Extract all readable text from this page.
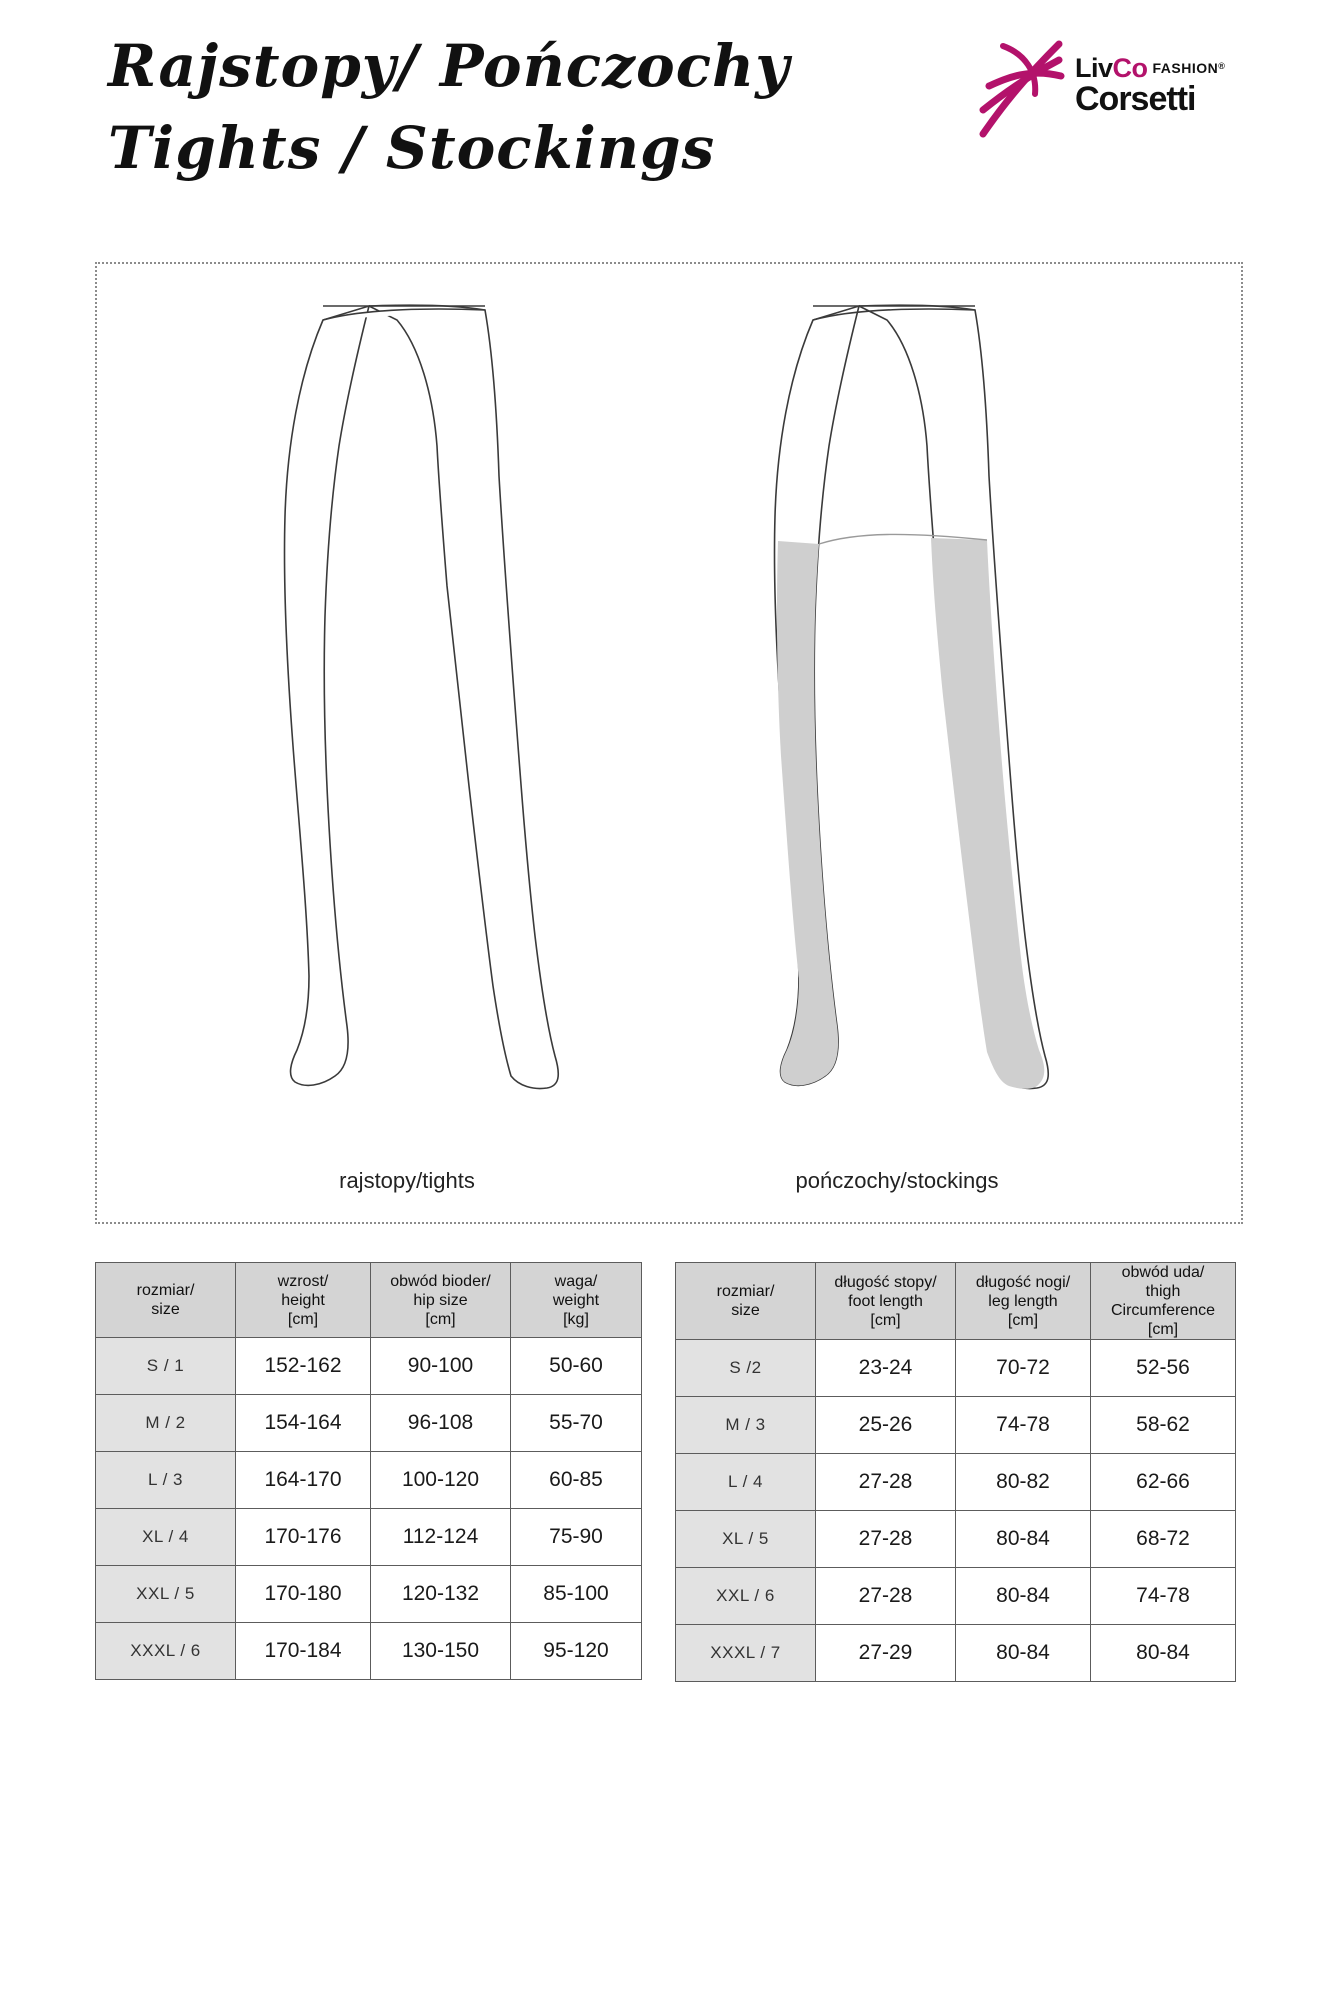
Rajstopy/ Pończochy
Tights / Stockings
LivCo FASHION®
Corsetti
rajstopy/tights	pończochy/stockings
rozmiar/
size	wzrost/
height
[cm]	obwód bioder/
hip size
[cm]	waga/
weight
[kg]

S / 1	152-162	90-100	50-60
M / 2	154-164	96-108	55-70
L / 3	164-170	100-120	60-85
XL / 4	170-176	112-124	75-90
XXL / 5	170-180	120-132	85-100
XXXL / 6	170-184	130-150	95-120
rozmiar/
size	długość stopy/
foot length
[cm]	długość nogi/
leg length
[cm]	obwód uda/
thigh
Circumference
[cm]

S /2	23-24	70-72	52-56
M / 3	25-26	74-78	58-62
L / 4	27-28	80-82	62-66
XL / 5	27-28	80-84	68-72
XXL / 6	27-28	80-84	74-78
XXXL / 7	27-29	80-84	80-84
